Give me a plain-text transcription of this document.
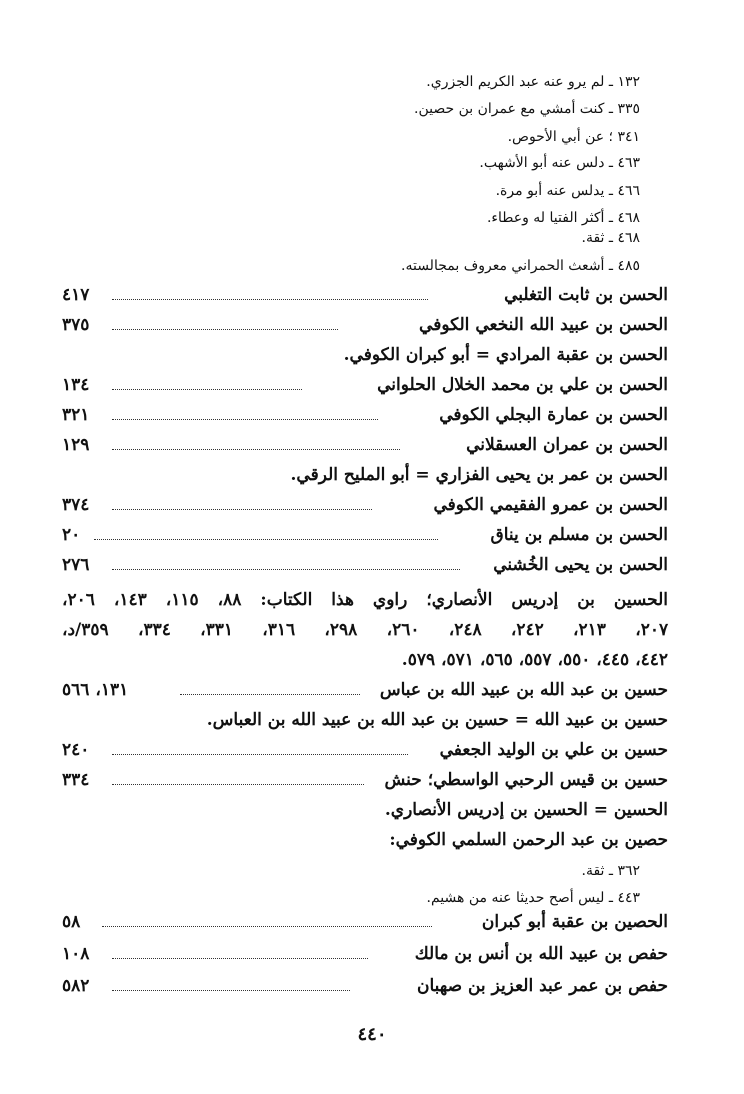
١٣٢ ـ لم يرو عنه عبد الكريم الجزري.
٣٣٥ ـ كنت أمشي مع عمران بن حصين.
٣٤١ ؛ عن أبي الأحوص.
٤٦٣ ـ دلس عنه أبو الأشهب.
٤٦٦ ـ يدلس عنه أبو مرة.
٤٦٨ ـ أكثر الفتيا له وعطاء.
٤٦٨ ـ ثقة.
٤٨٥ ـ أشعث الحمراني معروف بمجالسته.
الحسن بن ثابت التغلبي
٤١٧
الحسن بن عبيد الله النخعي الكوفي
٣٧٥
الحسن بن عقبة المرادي = أبو كبران الكوفي.
الحسن بن علي بن محمد الخلال الحلواني
١٣٤
الحسن بن عمارة البجلي الكوفي
٣٢١
الحسن بن عمران العسقلاني
١٢٩
الحسن بن عمر بن يحيى الفزاري = أبو المليح الرقي.
الحسن بن عمرو الفقيمي الكوفي
٣٧٤
الحسن بن مسلم بن يناق
٢٠
الحسن بن يحيى الخُشني
٢٧٦
الحسين بن إدريس الأنصاري؛ راوي هذا الكتاب: ٨٨، ١١٥، ١٤٣، ٢٠٦،
٢٠٧، ٢١٣، ٢٤٢، ٢٤٨، ٢٦٠، ٢٩٨، ٣١٦، ٣٣١، ٣٣٤، ٣٥٩/د،
٤٤٢، ٤٤٥، ٥٥٠، ٥٥٧، ٥٦٥، ٥٧١، ٥٧٩.
حسين بن عبد الله بن عبيد الله بن عباس
١٣١، ٥٦٦
حسين بن عبيد الله = حسين بن عبد الله بن عبيد الله بن العباس.
حسين بن علي بن الوليد الجعفي
٢٤٠
حسين بن قيس الرحبي الواسطي؛ حنش
٣٣٤
الحسين = الحسين بن إدريس الأنصاري.
حصين بن عبد الرحمن السلمي الكوفي:
٣٦٢ ـ ثقة.
٤٤٣ ـ ليس أصح حديثا عنه من هشيم.
الحصين بن عقبة أبو كبران
٥٨
حفص بن عبيد الله بن أنس بن مالك
١٠٨
حفص بن عمر عبد العزيز بن صهبان
٥٨٢
٤٤٠
